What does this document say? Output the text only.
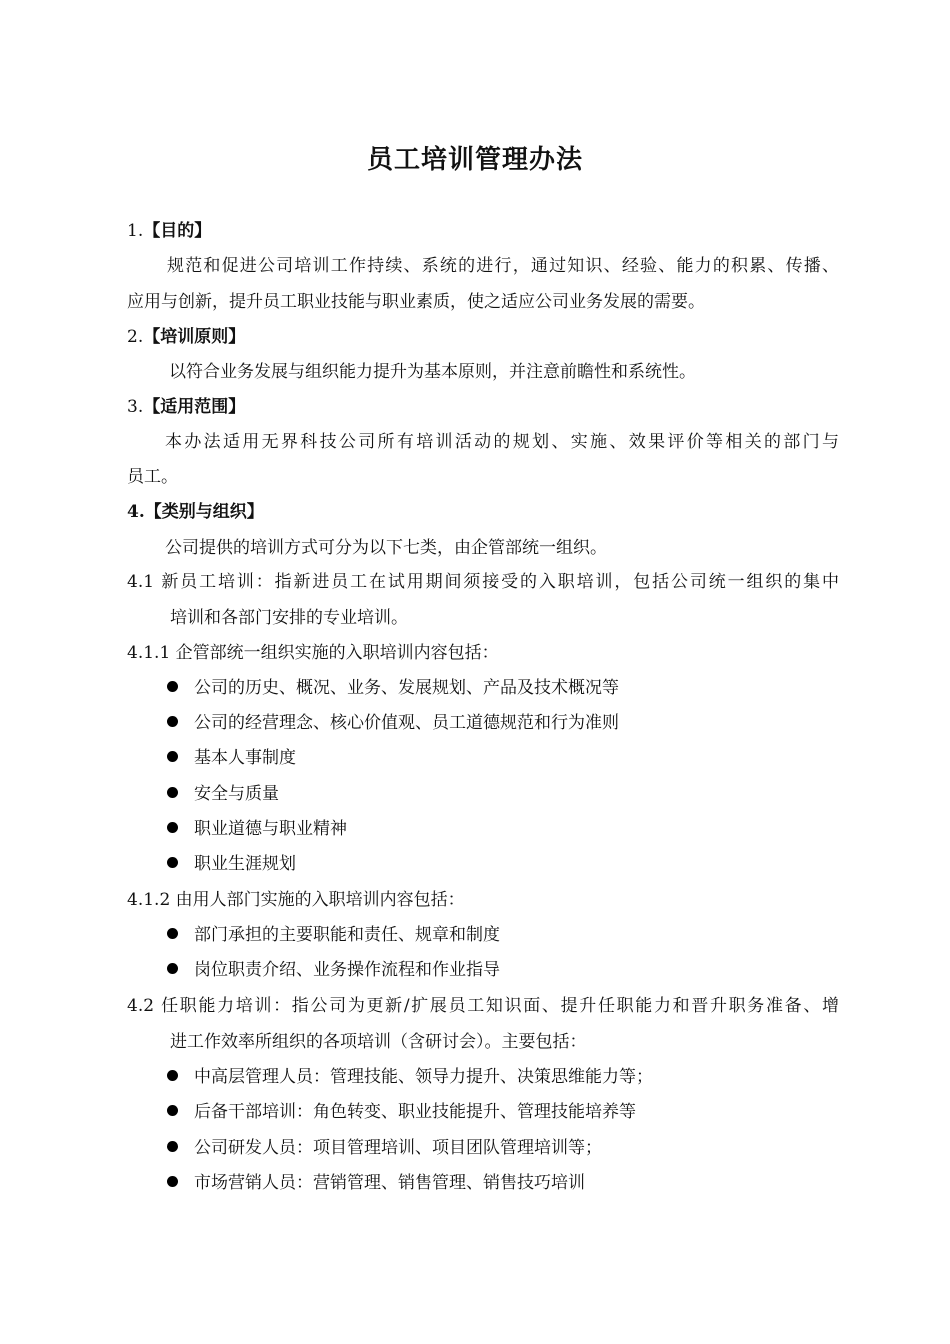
员工培训管理办法
1.【目的】
规范和促进公司培训工作持续、系统的进行，通过知识、经验、能力的积累、传播、
应用与创新，提升员工职业技能与职业素质，使之适应公司业务发展的需要。
2.【培训原则】
以符合业务发展与组织能力提升为基本原则，并注意前瞻性和系统性。
3.【适用范围】
本办法适用无界科技公司所有培训活动的规划、实施、效果评价等相关的部门与
员工。
4.【类别与组织】
公司提供的培训方式可分为以下七类，由企管部统一组织。
4.1 新员工培训：指新进员工在试用期间须接受的入职培训，包括公司统一组织的集中
培训和各部门安排的专业培训。
4.1.1 企管部统一组织实施的入职培训内容包括：
公司的历史、概况、业务、发展规划、产品及技术概况等
公司的经营理念、核心价值观、员工道德规范和行为准则
基本人事制度
安全与质量
职业道德与职业精神
职业生涯规划
4.1.2 由用人部门实施的入职培训内容包括：
部门承担的主要职能和责任、规章和制度
岗位职责介绍、业务操作流程和作业指导
4.2 任职能力培训：指公司为更新/扩展员工知识面、提升任职能力和晋升职务准备、增
进工作效率所组织的各项培训（含研讨会）。主要包括：
中高层管理人员：管理技能、领导力提升、决策思维能力等；
后备干部培训：角色转变、职业技能提升、管理技能培养等
公司研发人员：项目管理培训、项目团队管理培训等；
市场营销人员：营销管理、销售管理、销售技巧培训
